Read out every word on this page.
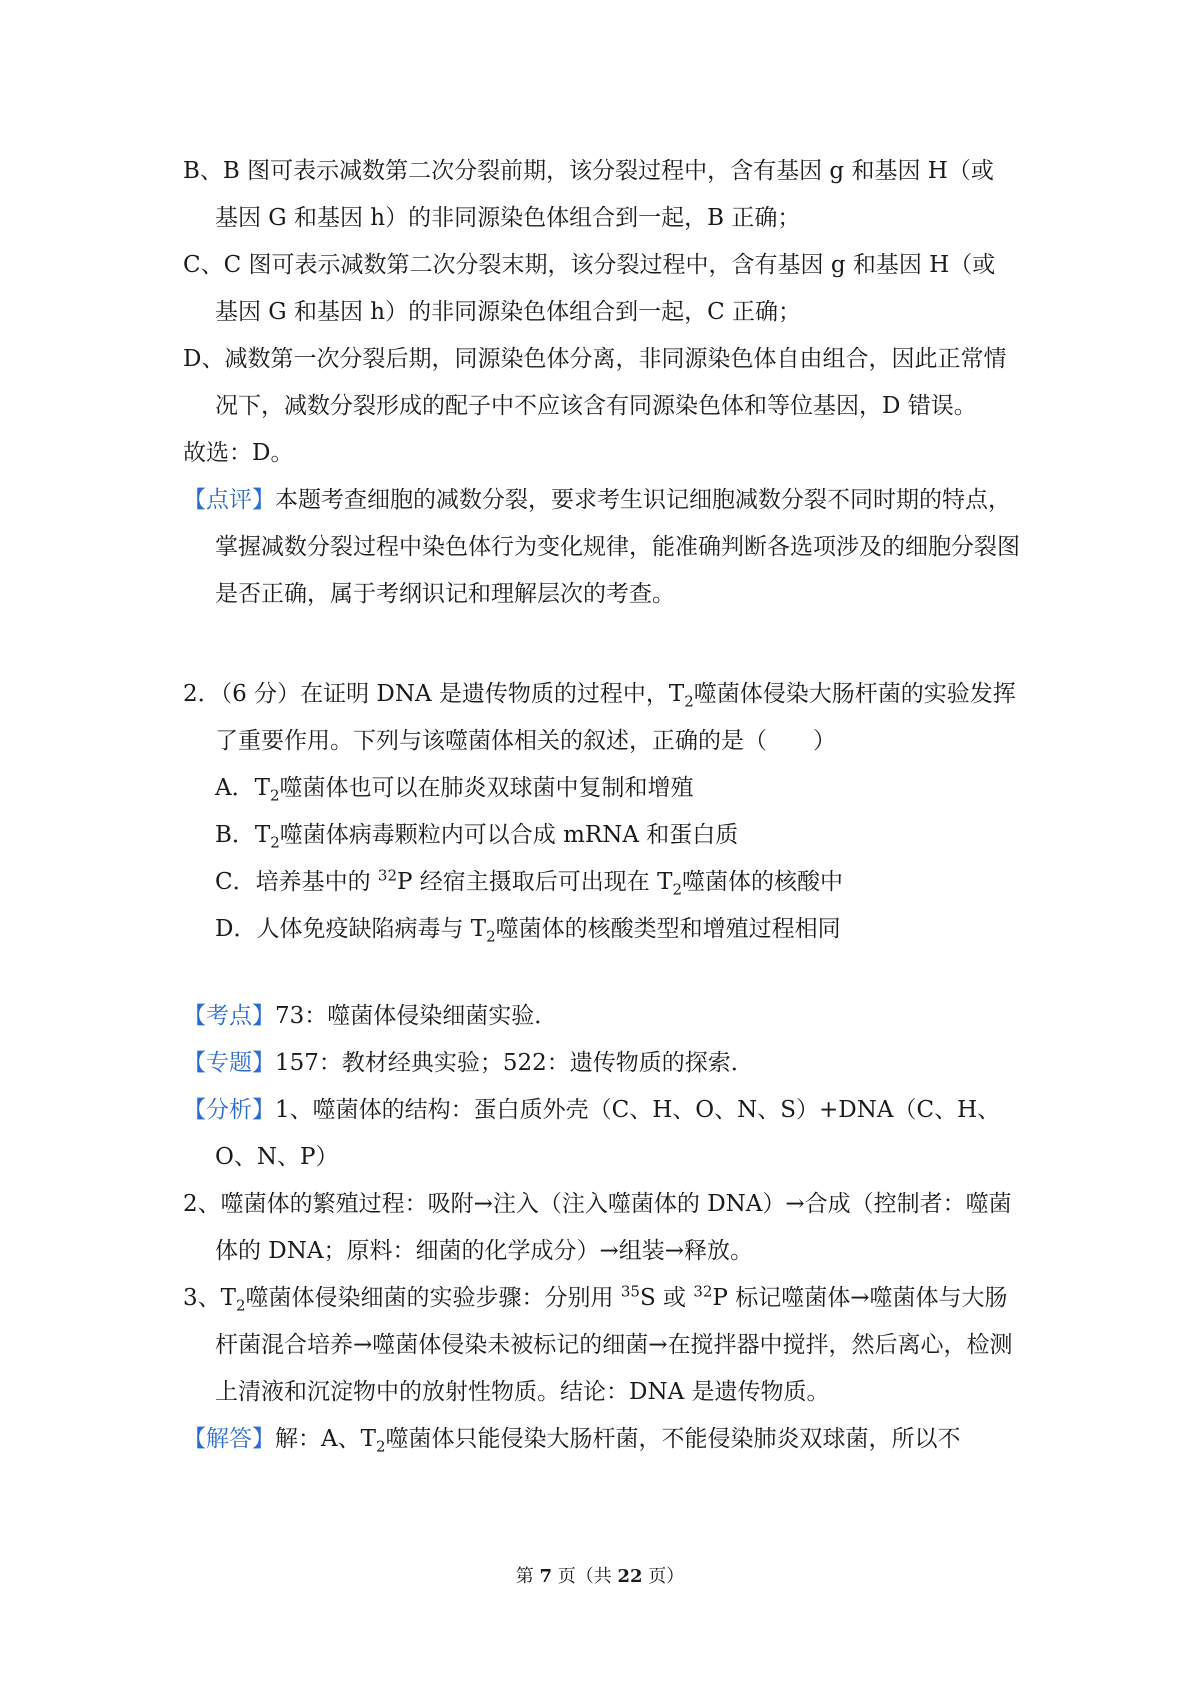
B、B 图可表示减数第二次分裂前期，该分裂过程中，含有基因 g 和基因 H（或
基因 G 和基因 h）的非同源染色体组合到一起，B 正确；

C、C 图可表示减数第二次分裂末期，该分裂过程中，含有基因 g 和基因 H（或
基因 G 和基因 h）的非同源染色体组合到一起，C 正确；

D、减数第一次分裂后期，同源染色体分离，非同源染色体自由组合，因此正常情况下，减数分裂形成的配子中不应该含有同源染色体和等位基因，D 错误。

故选：D。

【点评】本题考查细胞的减数分裂，要求考生识记细胞减数分裂不同时期的特点，掌握减数分裂过程中染色体行为变化规律，能准确判断各选项涉及的细胞分裂图是否正确，属于考纲识记和理解层次的考查。

2．（6 分）在证明 DNA 是遗传物质的过程中，$T_2$噬菌体侵染大肠杆菌的实验发挥了重要作用。下列与该噬菌体相关的叙述，正确的是（　　）

A．$T_2$噬菌体也可以在肺炎双球菌中复制和增殖

B．$T_2$噬菌体病毒颗粒内可以合成 mRNA 和蛋白质

C．培养基中的 $^{32}$P 经宿主摄取后可出现在 $T_2$噬菌体的核酸中

D．人体免疫缺陷病毒与 $T_2$噬菌体的核酸类型和增殖过程相同

【考点】73：噬菌体侵染细菌实验．

【专题】157：教材经典实验；522：遗传物质的探索．

【分析】1、噬菌体的结构：蛋白质外壳（C、H、O、N、S）+DNA（C、H、O、N、P）

2、噬菌体的繁殖过程：吸附→注入（注入噬菌体的 DNA）→合成（控制者：噬菌体的 DNA；原料：细菌的化学成分）→组装→释放。

3、$T_2$噬菌体侵染细菌的实验步骤：分别用 $^{35}$S 或 $^{32}$P 标记噬菌体→噬菌体与大肠杆菌混合培养→噬菌体侵染未被标记的细菌→在搅拌器中搅拌，然后离心，检测上清液和沉淀物中的放射性物质。结论：DNA 是遗传物质。

【解答】解：A、$T_2$噬菌体只能侵染大肠杆菌，不能侵染肺炎双球菌，所以不

第 7 页（共 22 页）
